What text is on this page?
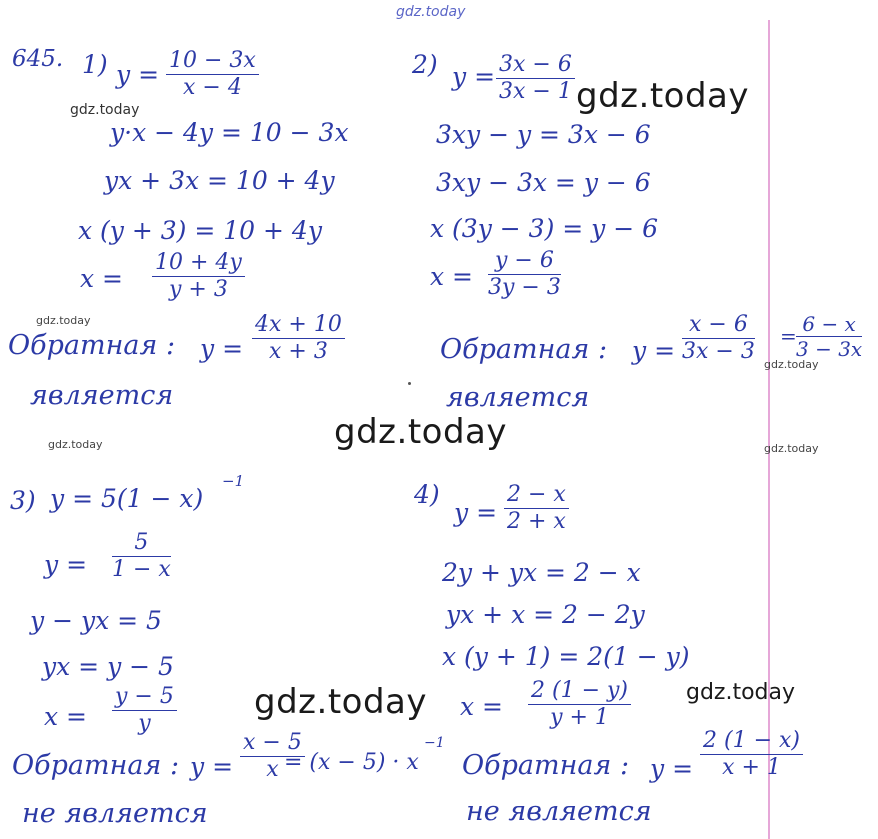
645. 1) $y = \frac{10 - 3x}{x - 4}$
y·x − 4y = 10 − 3x
yx + 3x = 10 + 4y
x (y + 3) = 10 + 4y
$x = \frac{10 + 4y}{y + 3}$
Обратная : $y = \frac{4x + 10}{x + 3}$
является
2) $y = \frac{3x - 6}{3x - 1}$
3xy − y = 3x − 6
3xy − 3x = y − 6
x (3y − 3) = y − 6
$x = \frac{y - 6}{3y - 3}$
Обратная : $y = \frac{x - 6}{3x - 3} = \frac{6 - x}{3 - 3x}$
является
3) y = 5(1 − x)
−1
$y = \frac{5}{1 - x}$
y − yx = 5
yx = y − 5
$x = \frac{y - 5}{y}$
Обратная : $y = \frac{x - 5}{x}$
= (x − 5) · x
−1
не является
4)
$y = \frac{2 - x}{2 + x}$
2y + yx = 2 − x
yx + x = 2 − 2y
x (y + 1) = 2(1 − y)
$x = \frac{2 (1 - y)}{y + 1}$
Обратная : $y = \frac{2 (1 - x)}{x + 1}$
не является
gdz.today
gdz.today
gdz.today
gdz.today
gdz.today
gdz.today
gdz.today	gdz.today
gdz.today	gdz.today
